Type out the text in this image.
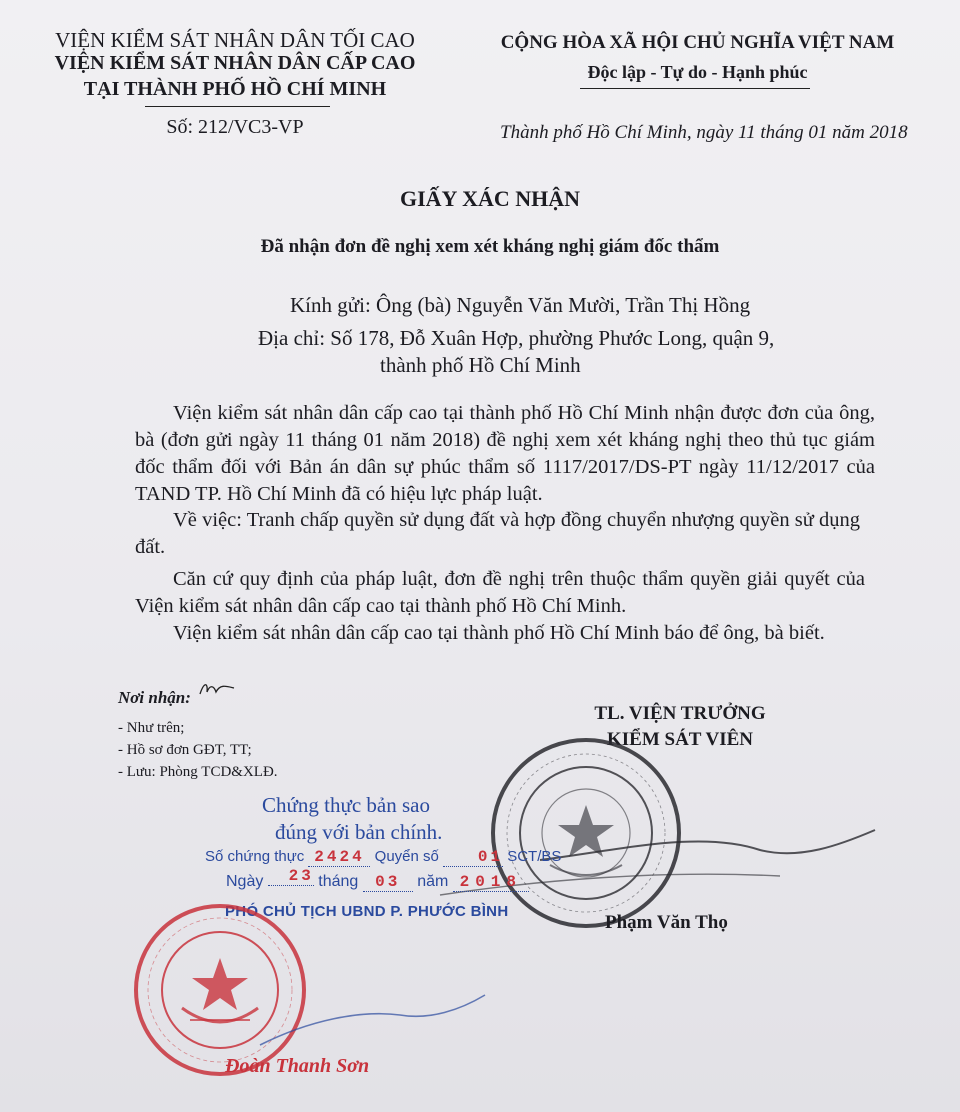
VIỆN KIỂM SÁT NHÂN DÂN TỐI CAO
VIỆN KIỂM SÁT NHÂN DÂN CẤP CAO
TẠI THÀNH PHỐ HỒ CHÍ MINH
Số: 212/VC3-VP
CỘNG HÒA XÃ HỘI CHỦ NGHĨA VIỆT NAM
Độc lập - Tự do - Hạnh phúc
Thành phố Hồ Chí Minh, ngày 11 tháng 01 năm 2018
GIẤY XÁC NHẬN
Đã nhận đơn đề nghị xem xét kháng nghị giám đốc thẩm
Kính gửi: Ông (bà) Nguyễn Văn Mười, Trần Thị Hồng
Địa chỉ: Số 178, Đỗ Xuân Hợp, phường Phước Long, quận 9,
thành phố Hồ Chí Minh
Viện kiểm sát nhân dân cấp cao tại thành phố Hồ Chí Minh nhận được đơn của ông, bà (đơn gửi ngày 11 tháng 01 năm 2018) đề nghị xem xét kháng nghị theo thủ tục giám đốc thẩm đối với Bản án dân sự phúc thẩm số 1117/2017/DS-PT ngày 11/12/2017 của TAND TP. Hồ Chí Minh đã có hiệu lực pháp luật.
Về việc: Tranh chấp quyền sử dụng đất và hợp đồng chuyển nhượng quyền sử dụng đất.
Căn cứ quy định của pháp luật, đơn đề nghị trên thuộc thẩm quyền giải quyết của Viện kiểm sát nhân dân cấp cao tại thành phố Hồ Chí Minh.
Viện kiểm sát nhân dân cấp cao tại thành phố Hồ Chí Minh báo để ông, bà biết.
Nơi nhận:
- Như trên;
- Hồ sơ đơn GĐT, TT;
- Lưu: Phòng TCD&XLĐ.
TL. VIỆN TRƯỞNG
KIỂM SÁT VIÊN
Phạm Văn Thọ
Chứng thực bản sao
đúng với bản chính.
Số chứng thực 2424 Quyển số 01 SCT/BS
Ngày 23 tháng 03 năm 2018
PHÓ CHỦ TỊCH UBND P. PHƯỚC BÌNH
Đoàn Thanh Sơn
